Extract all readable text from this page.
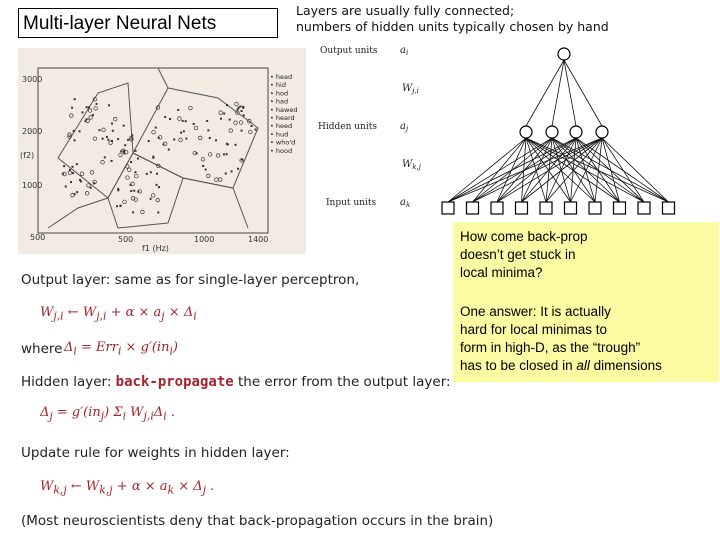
Multi-layer Neural Nets
Layers are usually fully connected;
numbers of hidden units typically chosen by hand
3000
2000
(f2)
1000
500	500	1000	1400
f1 (Hz)
• head
• hid
• hod
• had
• hawed
• heard
• heed
• hud
• who'd
• hood
Output units
Hidden units
Input units
$a_i$
$W_{j,i}$
$a_j$
$W_{k,j}$
$a_k$
How come back-prop
doesn’t get stuck in
local minima?
One answer: It is actually
hard for local minimas to
form in high-D, as the “trough”
has to be closed in all dimensions
Output layer: same as for single-layer perceptron,
$W_{j,i}$ ← $W_{j,i} + \alpha \times a_j \times \Delta_i$
where $\Delta_i = Err_i \times g'(in_i)$
Hidden layer: back-propagate the error from the output layer:
$\Delta_j = g'(in_j)$ $\Sigma_i$ $W_{j,i}\Delta_i$ .
Update rule for weights in hidden layer:
$W_{k,j}$ ← $W_{k,j} + \alpha \times a_k \times \Delta_j$ .
(Most neuroscientists deny that back-propagation occurs in the brain)
